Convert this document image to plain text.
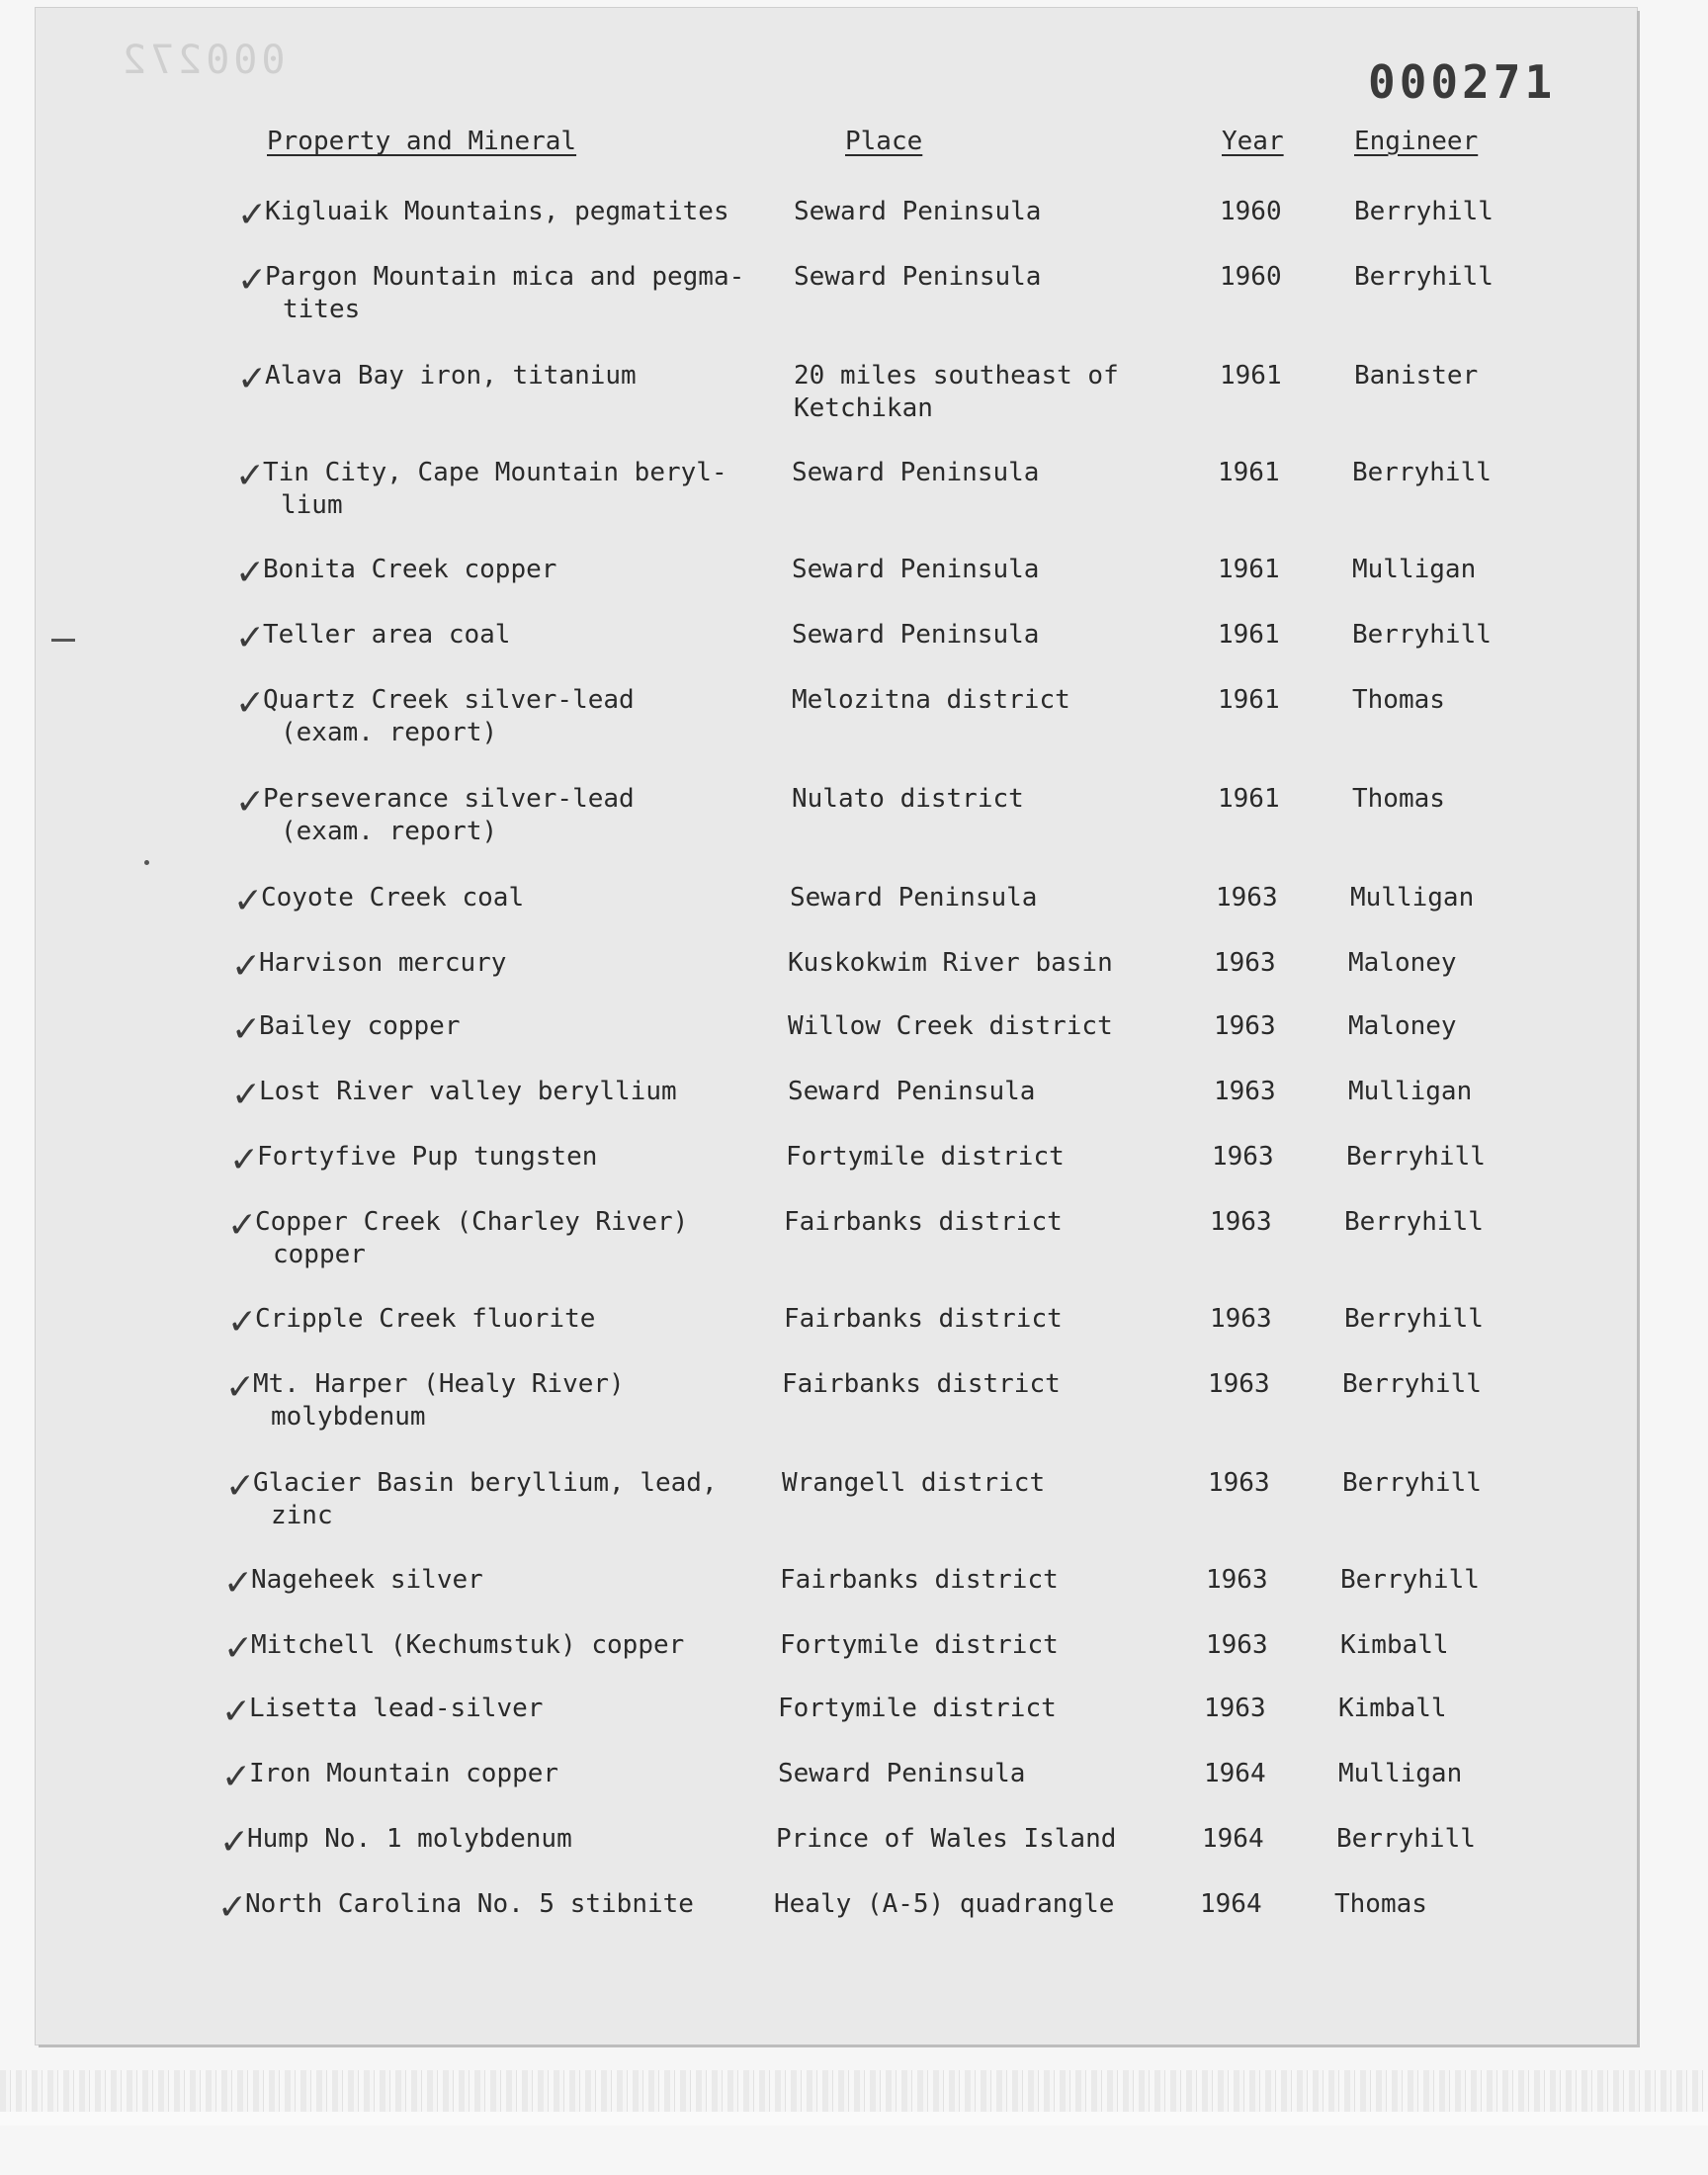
000272	000271
Property and Mineral	Place	Year	Engineer
✓
Kigluaik Mountains, pegmatites	Seward Peninsula	1960	Berryhill
✓
Pargon Mountain mica and pegma-
tites
Seward Peninsula	1960	Berryhill
✓
Alava Bay iron, titanium	20 miles southeast of
Ketchikan
1961	Banister
✓
Tin City, Cape Mountain beryl-
lium
Seward Peninsula	1961	Berryhill
✓
Bonita Creek copper	Seward Peninsula	1961	Mulligan
✓
Teller area coal	Seward Peninsula	1961	Berryhill
✓
Quartz Creek silver-lead
(exam. report)
Melozitna district	1961	Thomas
✓
Perseverance silver-lead
(exam. report)
Nulato district	1961	Thomas
✓
Coyote Creek coal	Seward Peninsula	1963	Mulligan
✓
Harvison mercury	Kuskokwim River basin	1963	Maloney
✓
Bailey copper	Willow Creek district	1963	Maloney
✓
Lost River valley beryllium	Seward Peninsula	1963	Mulligan
✓
Fortyfive Pup tungsten	Fortymile district	1963	Berryhill
✓
Copper Creek (Charley River)
copper
Fairbanks district	1963	Berryhill
✓
Cripple Creek fluorite	Fairbanks district	1963	Berryhill
✓
Mt. Harper (Healy River)
molybdenum
Fairbanks district	1963	Berryhill
✓
Glacier Basin beryllium, lead,
zinc
Wrangell district	1963	Berryhill
✓
Nageheek silver	Fairbanks district	1963	Berryhill
✓
Mitchell (Kechumstuk) copper	Fortymile district	1963	Kimball
✓
Lisetta lead-silver	Fortymile district	1963	Kimball
✓
Iron Mountain copper	Seward Peninsula	1964	Mulligan
✓
Hump No. 1 molybdenum	Prince of Wales Island	1964	Berryhill
✓
North Carolina No. 5 stibnite	Healy (A-5) quadrangle	1964	Thomas
